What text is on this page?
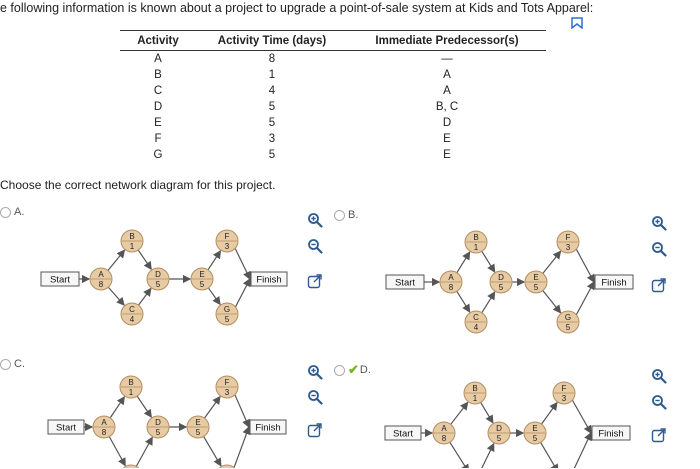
e following information is known about a project to upgrade a point-of-sale system at Kids and Tots Apparel:
Activity	Activity Time (days)	Immediate Predecessor(s)
A	8	—
B	1	A
C	4	A
D	5	B, C
E	5	D
F	3	E
G	5	E
Choose the correct network diagram for this project.
A.	B.
C.	✔ D.
Start	Finish
A
8
B
1
C
4
D
5
E
5
F
3
G
5
Start	Finish
A
8
B
1
C
4
D
5
E
5
F
3
G
5
Start	Finish
A
8
B
1
D
5
E
5
F
3
Start	Finish
A
8
B
1
D
5
E
5
F
3
